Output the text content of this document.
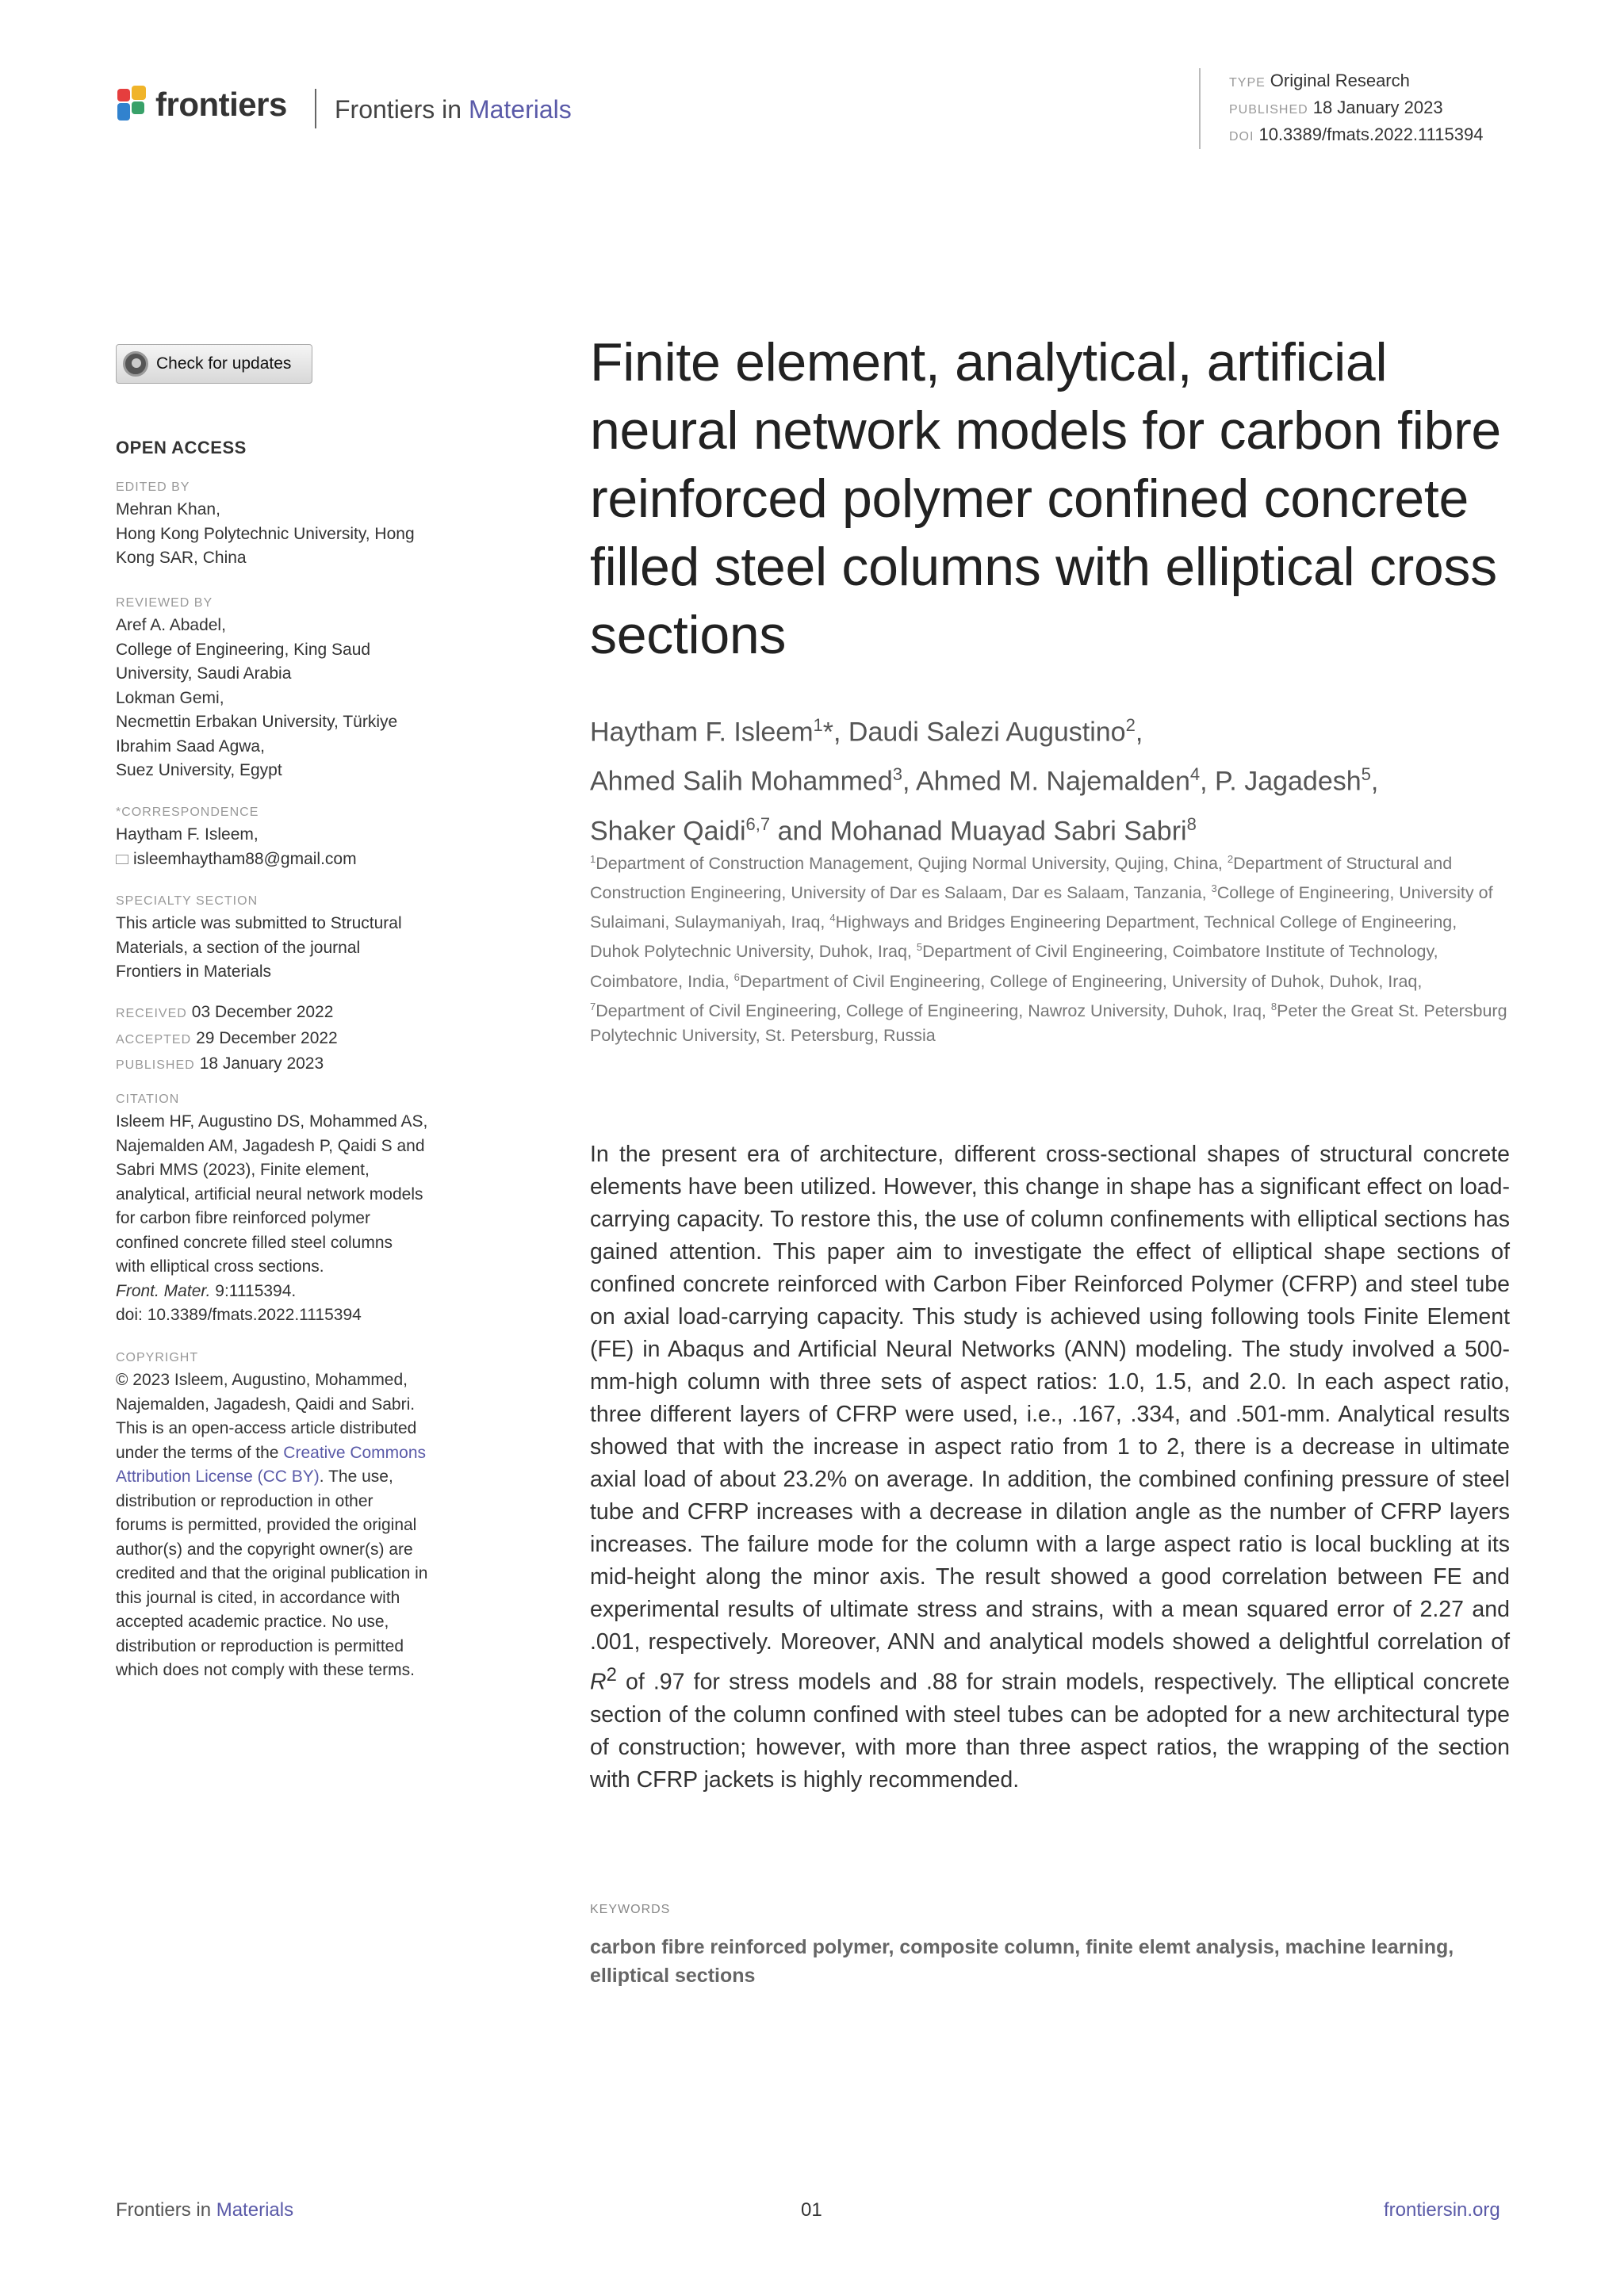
frontiers Frontiers in Materials
TYPE Original Research
PUBLISHED 18 January 2023
DOI 10.3389/fmats.2022.1115394
Check for updates
OPEN ACCESS
EDITED BY
Mehran Khan,
Hong Kong Polytechnic University, Hong
Kong SAR, China
REVIEWED BY
Aref A. Abadel,
College of Engineering, King Saud
University, Saudi Arabia
Lokman Gemi,
Necmettin Erbakan University, Türkiye
Ibrahim Saad Agwa,
Suez University, Egypt
*CORRESPONDENCE
Haytham F. Isleem,
isleemhaytham88@gmail.com
SPECIALTY SECTION
This article was submitted to Structural
Materials, a section of the journal
Frontiers in Materials
RECEIVED 03 December 2022
ACCEPTED 29 December 2022
PUBLISHED 18 January 2023
CITATION
Isleem HF, Augustino DS, Mohammed AS,
Najemalden AM, Jagadesh P, Qaidi S and
Sabri MMS (2023), Finite element,
analytical, artificial neural network models
for carbon fibre reinforced polymer
confined concrete filled steel columns
with elliptical cross sections.
Front. Mater. 9:1115394.
doi: 10.3389/fmats.2022.1115394
COPYRIGHT
© 2023 Isleem, Augustino, Mohammed,
Najemalden, Jagadesh, Qaidi and Sabri.
This is an open-access article distributed
under the terms of the Creative Commons
Attribution License (CC BY). The use,
distribution or reproduction in other
forums is permitted, provided the original
author(s) and the copyright owner(s) are
credited and that the original publication in
this journal is cited, in accordance with
accepted academic practice. No use,
distribution or reproduction is permitted
which does not comply with these terms.
Finite element, analytical, artificial neural network models for carbon fibre reinforced polymer confined concrete filled steel columns with elliptical cross sections
Haytham F. Isleem$^1$*, Daudi Salezi Augustino$^2$,
Ahmed Salih Mohammed$^3$, Ahmed M. Najemalden$^4$, P. Jagadesh$^5$,
Shaker Qaidi$^{6,7}$ and Mohanad Muayad Sabri Sabri$^8$
$^1$Department of Construction Management, Qujing Normal University, Qujing, China, $^2$Department of Structural and Construction Engineering, University of Dar es Salaam, Dar es Salaam, Tanzania, $^3$College of Engineering, University of Sulaimani, Sulaymaniyah, Iraq, $^4$Highways and Bridges Engineering Department, Technical College of Engineering, Duhok Polytechnic University, Duhok, Iraq, $^5$Department of Civil Engineering, Coimbatore Institute of Technology, Coimbatore, India, $^6$Department of Civil Engineering, College of Engineering, University of Duhok, Duhok, Iraq, $^7$Department of Civil Engineering, College of Engineering, Nawroz University, Duhok, Iraq, $^8$Peter the Great St. Petersburg Polytechnic University, St. Petersburg, Russia

In the present era of architecture, different cross-sectional shapes of structural concrete elements have been utilized. However, this change in shape has a significant effect on load-carrying capacity. To restore this, the use of column confinements with elliptical sections has gained attention. This paper aim to investigate the effect of elliptical shape sections of confined concrete reinforced with Carbon Fiber Reinforced Polymer (CFRP) and steel tube on axial load-carrying capacity. This study is achieved using following tools Finite Element (FE) in Abaqus and Artificial Neural Networks (ANN) modeling. The study involved a 500-mm-high column with three sets of aspect ratios: 1.0, 1.5, and 2.0. In each aspect ratio, three different layers of CFRP were used, i.e., .167, .334, and .501-mm. Analytical results showed that with the increase in aspect ratio from 1 to 2, there is a decrease in ultimate axial load of about 23.2% on average. In addition, the combined confining pressure of steel tube and CFRP increases with a decrease in dilation angle as the number of CFRP layers increases. The failure mode for the column with a large aspect ratio is local buckling at its mid-height along the minor axis. The result showed a good correlation between FE and experimental results of ultimate stress and strains, with a mean squared error of 2.27 and .001, respectively. Moreover, ANN and analytical models showed a delightful correlation of $R^2$ of .97 for stress models and .88 for strain models, respectively. The elliptical concrete section of the column confined with steel tubes can be adopted for a new architectural type of construction; however, with more than three aspect ratios, the wrapping of the section with CFRP jackets is highly recommended.

KEYWORDS
carbon fibre reinforced polymer, composite column, finite elemt analysis, machine learning, elliptical sections
Frontiers in Materials	01	frontiersin.org
